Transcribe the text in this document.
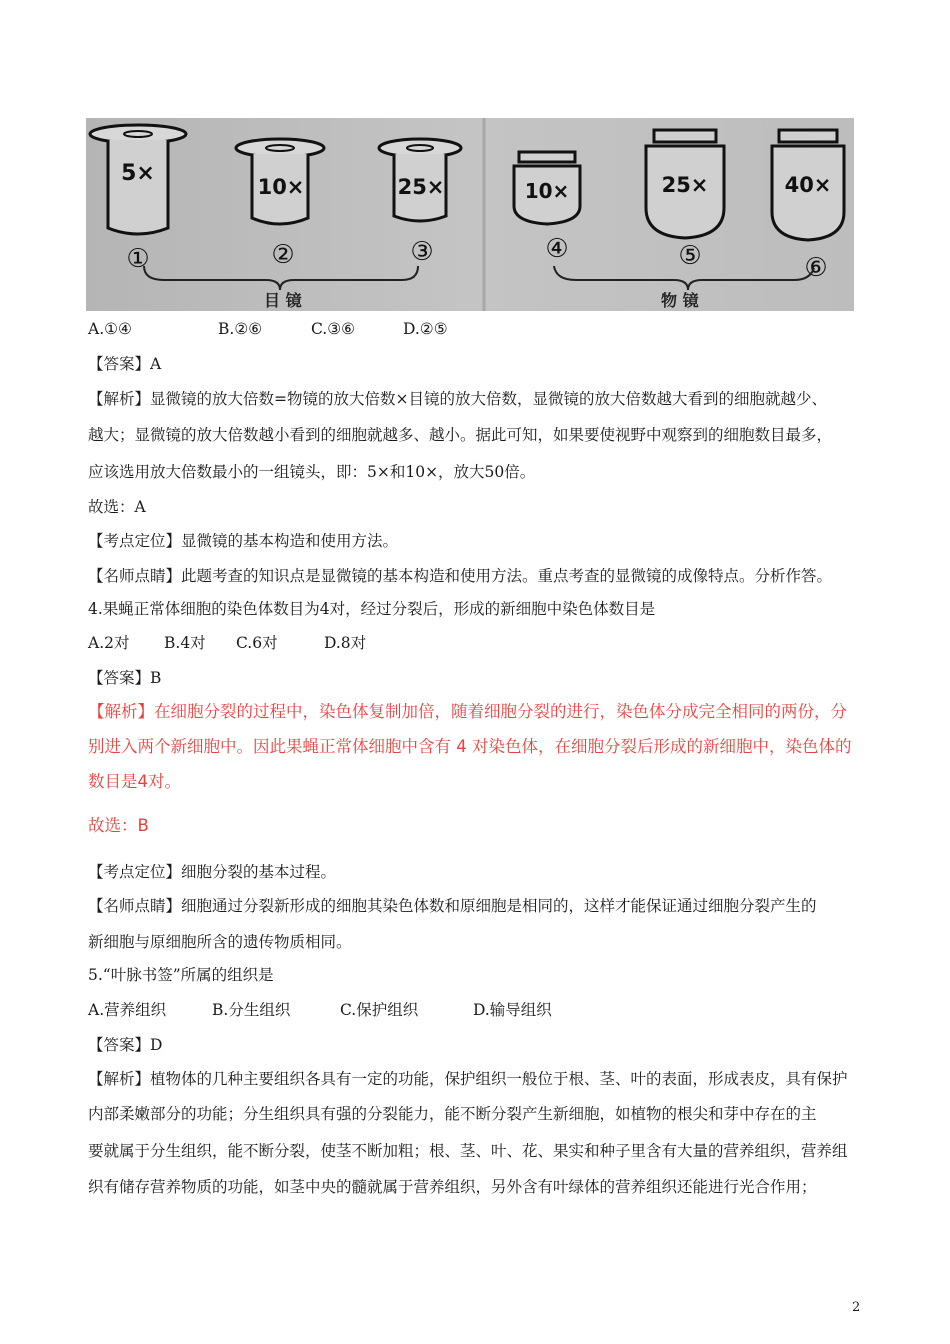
5×
①
10×
②
25×
③
10×
④
25×
⑤
40×
⑥
目 镜	物 镜
A.①④	B.②⑥	C.③⑥	D.②⑤
【答案】A
【解析】显微镜的放大倍数=物镜的放大倍数×目镜的放大倍数，显微镜的放大倍数越大看到的细胞就越少、
越大；显微镜的放大倍数越小看到的细胞就越多、越小。据此可知，如果要使视野中观察到的细胞数目最多，
应该选用放大倍数最小的一组镜头，即：5×和10×，放大50倍。
故选：A
【考点定位】显微镜的基本构造和使用方法。
【名师点睛】此题考查的知识点是显微镜的基本构造和使用方法。重点考查的显微镜的成像特点。分析作答。
4.果蝇正常体细胞的染色体数目为4对，经过分裂后，形成的新细胞中染色体数目是
A.2对 B.4对 C.6对	D.8对
【答案】B
【解析】在细胞分裂的过程中，染色体复制加倍，随着细胞分裂的进行，染色体分成完全相同的两份，分
别进入两个新细胞中。因此果蝇正常体细胞中含有 4 对染色体，在细胞分裂后形成的新细胞中，染色体的
数目是4对。
故选：B
【考点定位】细胞分裂的基本过程。
【名师点睛】细胞通过分裂新形成的细胞其染色体数和原细胞是相同的，这样才能保证通过细胞分裂产生的
新细胞与原细胞所含的遗传物质相同。
5.“叶脉书签”所属的组织是
A.营养组织	B.分生组织	C.保护组织	D.输导组织
【答案】D
【解析】植物体的几种主要组织各具有一定的功能，保护组织一般位于根、茎、叶的表面，形成表皮，具有保护
内部柔嫩部分的功能；分生组织具有强的分裂能力，能不断分裂产生新细胞，如植物的根尖和芽中存在的主
要就属于分生组织，能不断分裂，使茎不断加粗；根、茎、叶、花、果实和种子里含有大量的营养组织，营养组
织有储存营养物质的功能，如茎中央的髓就属于营养组织，另外含有叶绿体的营养组织还能进行光合作用；
2
